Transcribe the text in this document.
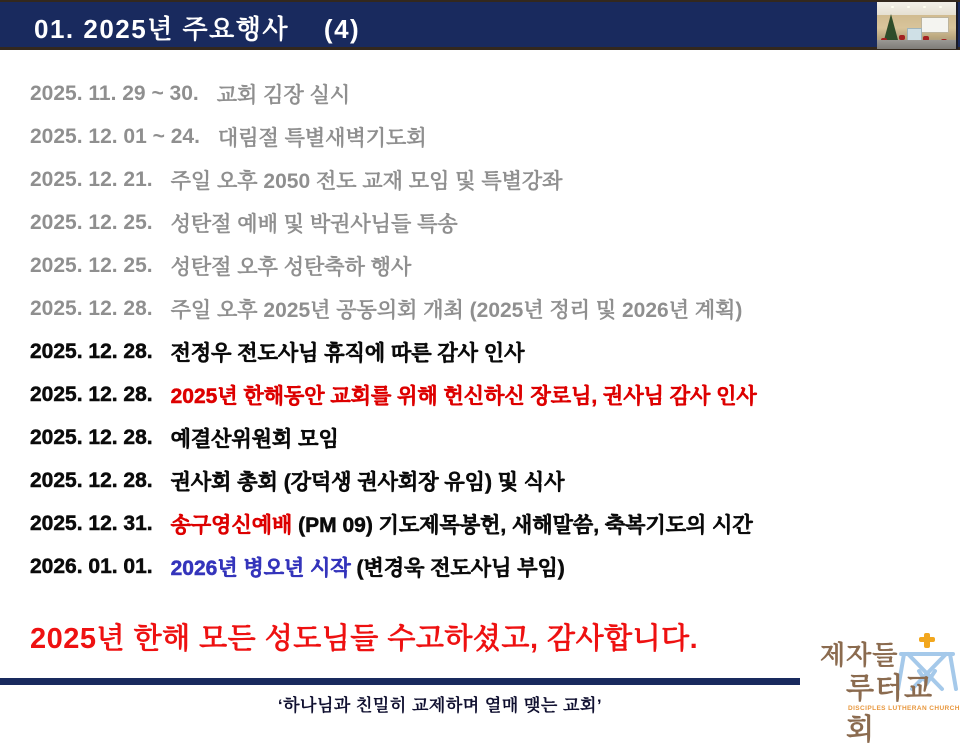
01. 2025년 주요행사    (4)
2025. 11. 29 ~ 30. 교회 김장 실시
2025. 12. 01 ~ 24. 대림절 특별새벽기도회
2025. 12. 21. 주일 오후 2050 전도 교재 모임 및 특별강좌
2025. 12. 25. 성탄절 예배 및 박권사님들 특송
2025. 12. 25. 성탄절 오후 성탄축하 행사
2025. 12. 28. 주일 오후 2025년 공동의회 개최 (2025년 정리 및 2026년 계획)
2025. 12. 28. 전정우 전도사님 휴직에 따른 감사 인사
2025. 12. 28. 2025년 한해동안 교회를 위해 헌신하신 장로님, 권사님 감사 인사
2025. 12. 28. 예결산위원회 모임
2025. 12. 28. 권사회 총회 (강덕생 권사회장 유임) 및 식사
2025. 12. 31. 송구영신예배 (PM 09) 기도제목봉헌, 새해말씀, 축복기도의 시간
2026. 01. 01. 2026년 병오년 시작 (변경욱 전도사님 부임)
2025년 한해 모든 성도님들 수고하셨고, 감사합니다.
‘하나님과 친밀히 교제하며 열매 맺는 교회’
제자들
루터교회
DISCIPLES LUTHERAN CHURCH
